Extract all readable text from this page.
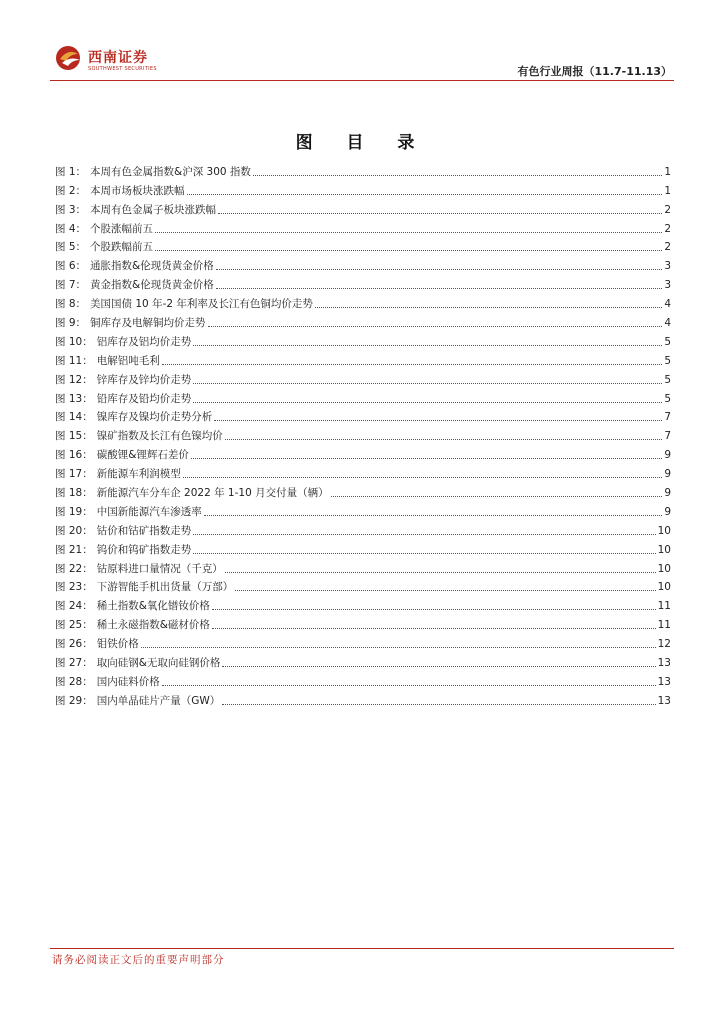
西南证券
SOUTHWEST SECURITIES	有色行业周报（11.7-11.13）
图 目 录
图 1： 本周有色金属指数&沪深 300 指数	1
图 2： 本周市场板块涨跌幅	1
图 3： 本周有色金属子板块涨跌幅	2
图 4： 个股涨幅前五	2
图 5： 个股跌幅前五	2
图 6： 通胀指数&伦现货黄金价格	3
图 7： 黄金指数&伦现货黄金价格	3
图 8： 美国国债 10 年-2 年利率及长江有色铜均价走势	4
图 9： 铜库存及电解铜均价走势	4
图 10： 铝库存及铝均价走势	5
图 11： 电解铝吨毛利	5
图 12： 锌库存及锌均价走势	5
图 13： 铅库存及铅均价走势	5
图 14： 镍库存及镍均价走势分析	7
图 15： 镍矿指数及长江有色镍均价	7
图 16： 碳酸锂&锂辉石差价	9
图 17： 新能源车利润模型	9
图 18： 新能源汽车分车企 2022 年 1-10 月交付量（辆）	9
图 19： 中国新能源汽车渗透率	9
图 20： 钴价和钴矿指数走势	10
图 21： 钨价和钨矿指数走势	10
图 22： 钴原料进口量情况（千克）	10
图 23： 下游智能手机出货量（万部）	10
图 24： 稀土指数&氧化镨钕价格	11
图 25： 稀土永磁指数&磁材价格	11
图 26： 钼铁价格	12
图 27： 取向硅钢&无取向硅钢价格	13
图 28： 国内硅料价格	13
图 29： 国内单晶硅片产量（GW）	13
请务必阅读正文后的重要声明部分
